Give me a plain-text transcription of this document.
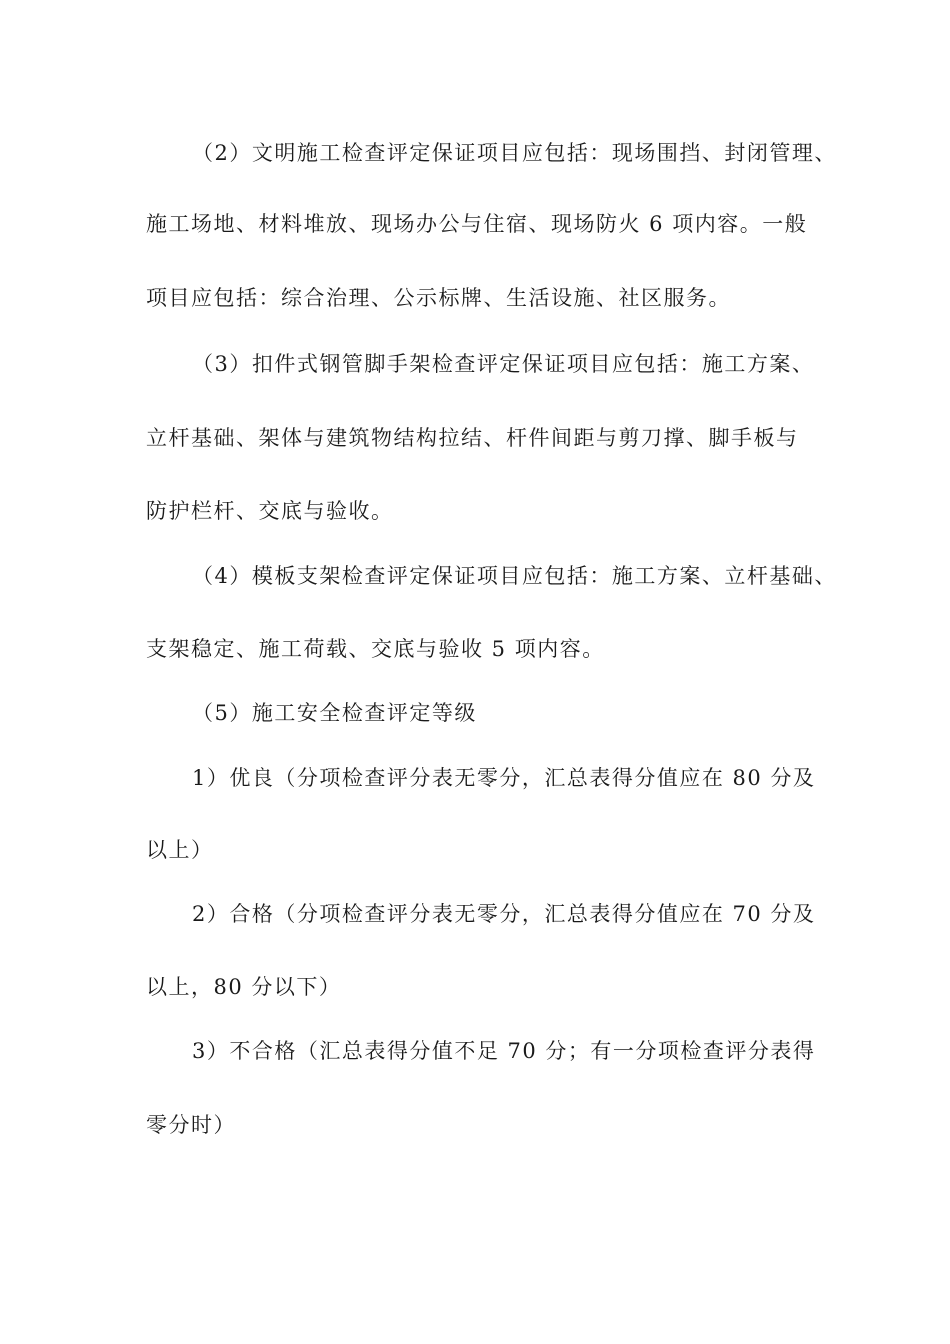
（2）文明施工检查评定保证项目应包括：现场围挡、封闭管理、
施工场地、材料堆放、现场办公与住宿、现场防火 6 项内容。一般
项目应包括：综合治理、公示标牌、生活设施、社区服务。
（3）扣件式钢管脚手架检查评定保证项目应包括：施工方案、
立杆基础、架体与建筑物结构拉结、杆件间距与剪刀撑、脚手板与
防护栏杆、交底与验收。
（4）模板支架检查评定保证项目应包括：施工方案、立杆基础、
支架稳定、施工荷载、交底与验收 5 项内容。
（5）施工安全检查评定等级
1）优良（分项检查评分表无零分，汇总表得分值应在 80 分及
以上）
2）合格（分项检查评分表无零分，汇总表得分值应在 70 分及
以上，80 分以下）
3）不合格（汇总表得分值不足 70 分；有一分项检查评分表得
零分时）
